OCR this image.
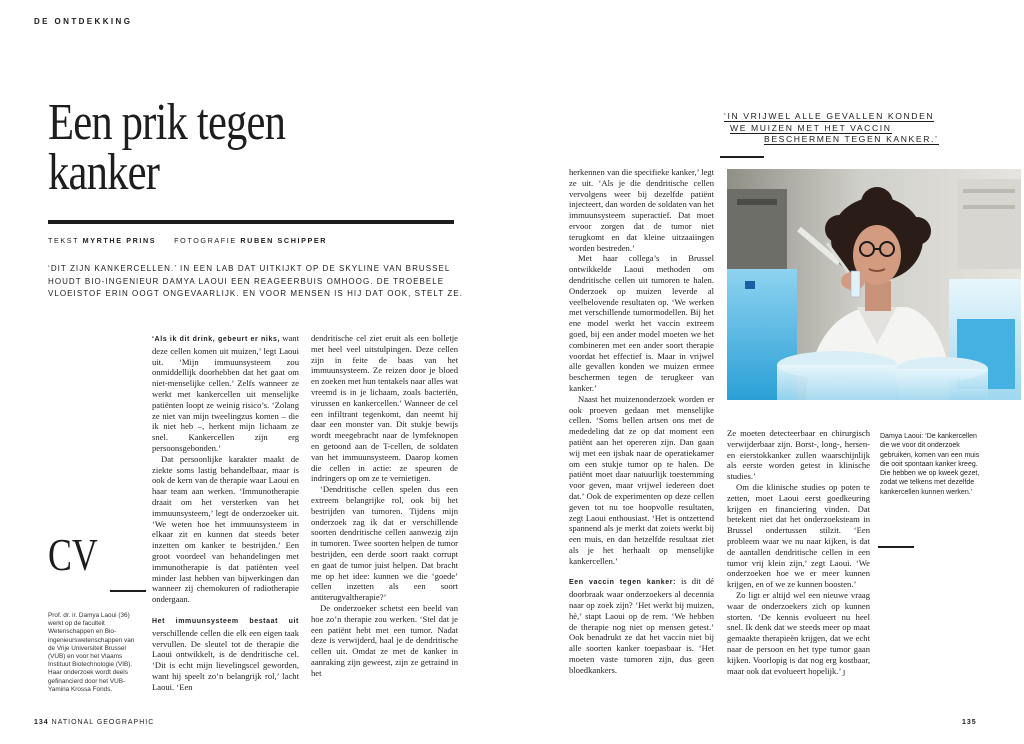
DE ONTDEKKING
Een prik tegen
kanker
TEKST MYRTHE PRINS	FOTOGRAFIE RUBEN SCHIPPER
‘DIT ZIJN KANKERCELLEN.’ IN EEN LAB DAT UITKIJKT OP DE SKYLINE VAN BRUSSEL HOUDT BIO-INGENIEUR DAMYA LAOUI EEN REAGEERBUIS OMHOOG. DE TROEBELE VLOEISTOF ERIN OOGT ONGEVAARLIJK. EN VOOR MENSEN IS HIJ DAT OOK, STELT ZE.

‘Als ik dit drink, gebeurt er niks, want deze cellen komen uit muizen,’ legt Laoui uit. ‘Mijn immuunsysteem zou onmiddellijk doorhebben dat het gaat om niet-menselijke cellen.’ Zelfs wanneer ze werkt met kankercellen uit menselijke patiënten loopt ze weinig risico’s. ‘Zolang ze niet van mijn tweelingzus komen – die ik niet heb –, herkent mijn lichaam ze snel. Kankercellen zijn erg persoonsgebonden.’

Dat persoonlijke karakter maakt de ziekte soms lastig behandelbaar, maar is ook de kern van de therapie waar Laoui en haar team aan werken. ‘Immunotherapie draait om het versterken van het immuunsysteem,’ legt de onderzoeker uit. ‘We weten hoe het immuunsysteem in elkaar zit en kunnen dat steeds beter inzetten om kanker te bestrijden.’ Een groot voordeel van behandelingen met immunotherapie is dat patiënten veel minder last hebben van bijwerkingen dan wanneer zij chemokuren of radiotherapie ondergaan.

Het immuunsysteem bestaat uit verschillende cellen die elk een eigen taak vervullen. De sleutel tot de therapie die Laoui ontwikkelt, is de dendritische cel. ‘Dit is echt mijn lievelingscel geworden, want hij speelt zo’n belangrijk rol,’ lacht Laoui. ‘Een

dendritische cel ziet eruit als een bolletje met heel veel uitstulpingen. Deze cellen zijn in feite de baas van het immuunsysteem. Ze reizen door je bloed en zoeken met hun tentakels naar alles wat vreemd is in je lichaam, zoals bacteriën, virussen en kankercellen.’ Wanneer de cel een infiltrant tegenkomt, dan neemt hij daar een monster van. Dit stukje bewijs wordt meegebracht naar de lymfeknopen en getoond aan de T-cellen, de soldaten van het immuunsysteem. Daarop komen die cellen in actie: ze speuren de indringers op om ze te vernietigen.

‘Dendritische cellen spelen dus een extreem belangrijke rol, ook bij het bestrijden van tumoren. Tijdens mijn onderzoek zag ik dat er verschillende soorten dendritische cellen aanwezig zijn in tumoren. Twee soorten helpen de tumor bestrijden, een derde soort raakt corrupt en gaat de tumor juist helpen. Dat bracht me op het idee: kunnen we die ‘goede’ cellen inzetten als een soort antiterugvaltherapie?’

De onderzoeker schetst een beeld van hoe zo’n therapie zou werken. ‘Stel dat je een patiënt hebt met een tumor. Nadat deze is verwijderd, haal je de dendritische cellen uit. Omdat ze met de kanker in aanraking zijn geweest, zijn ze getraind in het

CV
Prof. dr. ir. Damya Laoui (36) werkt op de faculteit Wetenschappen en Bio-ingenieurswetenschappen van de Vrije Universiteit Brussel (VUB) en voor het Vlaams Instituut Biotechnologie (VIB). Haar onderzoek wordt deels gefinancierd door het VUB-Yamina Krossa Fonds.

herkennen van die specifieke kanker,’ legt ze uit. ‘Als je die dendritische cellen vervolgens weer bij dezelfde patiënt injecteert, dan worden de soldaten van het immuunsysteem superactief. Dat moet ervoor zorgen dat de tumor niet terugkomt en dat kleine uitzaaiingen worden bestreden.’

Met haar collega’s in Brussel ontwikkelde Laoui methoden om dendritische cellen uit tumoren te halen. Onderzoek op muizen leverde al veelbelovende resultaten op. ‘We werken met verschillende tumormodellen. Bij het ene model werkt het vaccin extreem goed, bij een ander model moeten we het combineren met een ander soort therapie voordat het effectief is. Maar in vrijwel alle gevallen konden we muizen ermee beschermen tegen de terugkeer van kanker.’

Naast het muizenonderzoek worden er ook proeven gedaan met menselijke cellen. ‘Soms bellen artsen ons met de mededeling dat ze op dat moment een patiënt aan het opereren zijn. Dan gaan wij met een ijsbak naar de operatiekamer om een stukje tumor op te halen. De patiënt moet daar natuurlijk toestemming voor geven, maar vrijwel iedereen doet dat.’ Ook de experimenten op deze cellen geven tot nu toe hoopvolle resultaten, zegt Laoui enthousiast. ‘Het is ontzettend spannend als je merkt dat zoiets werkt bij een muis, en dan hetzelfde resultaat ziet als je het herhaalt op menselijke kankercellen.’

Een vaccin tegen kanker: is dit dé doorbraak waar onderzoekers al decennia naar op zoek zijn? ‘Het werkt bij muizen, hè,’ stapt Laoui op de rem. ‘We hebben de therapie nog niet op mensen getest.’ Ook benadrukt ze dat het vaccin niet bij alle soorten kanker toepasbaar is. ‘Het moeten vaste tumoren zijn, dus geen bloedkankers.

Ze moeten detecteerbaar en chirurgisch verwijderbaar zijn. Borst-, long-, hersen- en eierstokkanker zullen waarschijnlijk als eerste worden getest in klinische studies.’

Om die klinische studies op poten te zetten, moet Laoui eerst goedkeuring krijgen en financiering vinden. Dat betekent niet dat het onderzoeksteam in Brussel ondertussen stilzit. ‘Een probleem waar we nu naar kijken, is dat de aantallen dendritische cellen in een tumor vrij klein zijn,’ zegt Laoui. ‘We onderzoeken hoe we er meer kunnen krijgen, en of we ze kunnen boosten.’

Zo ligt er altijd wel een nieuwe vraag waar de onderzoekers zich op kunnen storten. ‘De kennis evolueert nu heel snel. Ik denk dat we steeds meer op maat gemaakte therapieën krijgen, dat we echt naar de persoon en het type tumor gaan kijken. Voorlopig is dat nog erg kostbaar, maar ook dat evolueert hopelijk.’ ȷ

‘IN VRIJWEL ALLE GEVALLEN KONDEN
WE MUIZEN MET HET VACCIN
BESCHERMEN TEGEN KANKER.’
Damya Laoui: ‘De kankercellen die we voor dit onderzoek gebruiken, komen van een muis die ooit spontaan kanker kreeg. Die hebben we op kweek gezet, zodat we telkens met dezelfde kankercellen kunnen werken.’
134 NATIONAL GEOGRAPHIC	135
